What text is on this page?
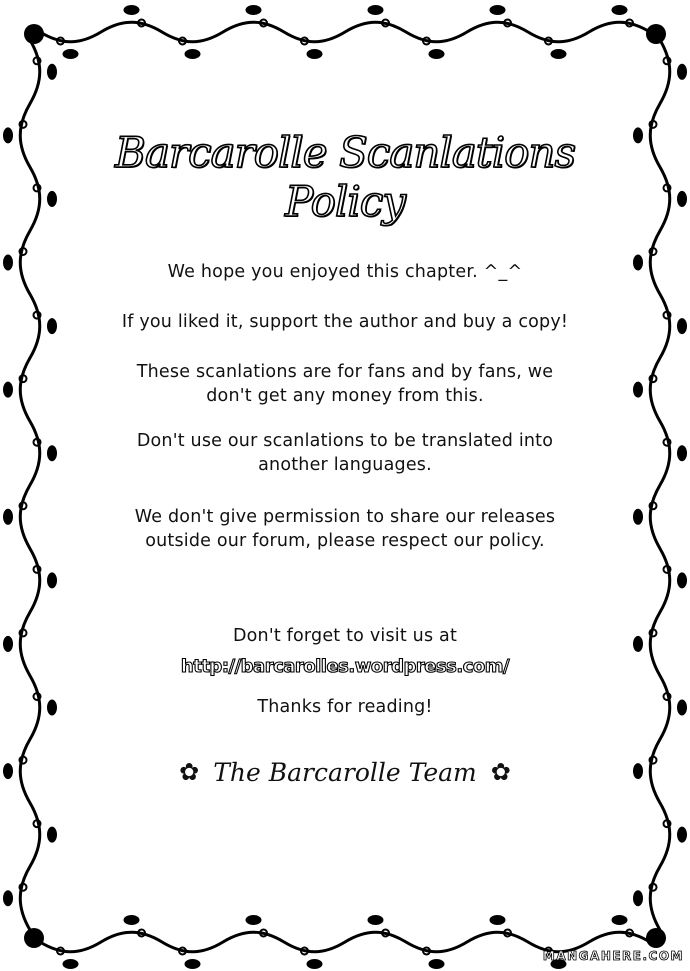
Barcarolle Scanlations Policy
We hope you enjoyed this chapter. ^_^
If you liked it, support the author and buy a copy!
These scanlations are for fans and by fans, we
don't get any money from this.
Don't use our scanlations to be translated into
another languages.
We don't give permission to share our releases
outside our forum, please respect our policy.
Don't forget to visit us at
http://barcarolles.wordpress.com/
Thanks for reading!
✿ The Barcarolle Team ✿
MANGAHERE.COM
